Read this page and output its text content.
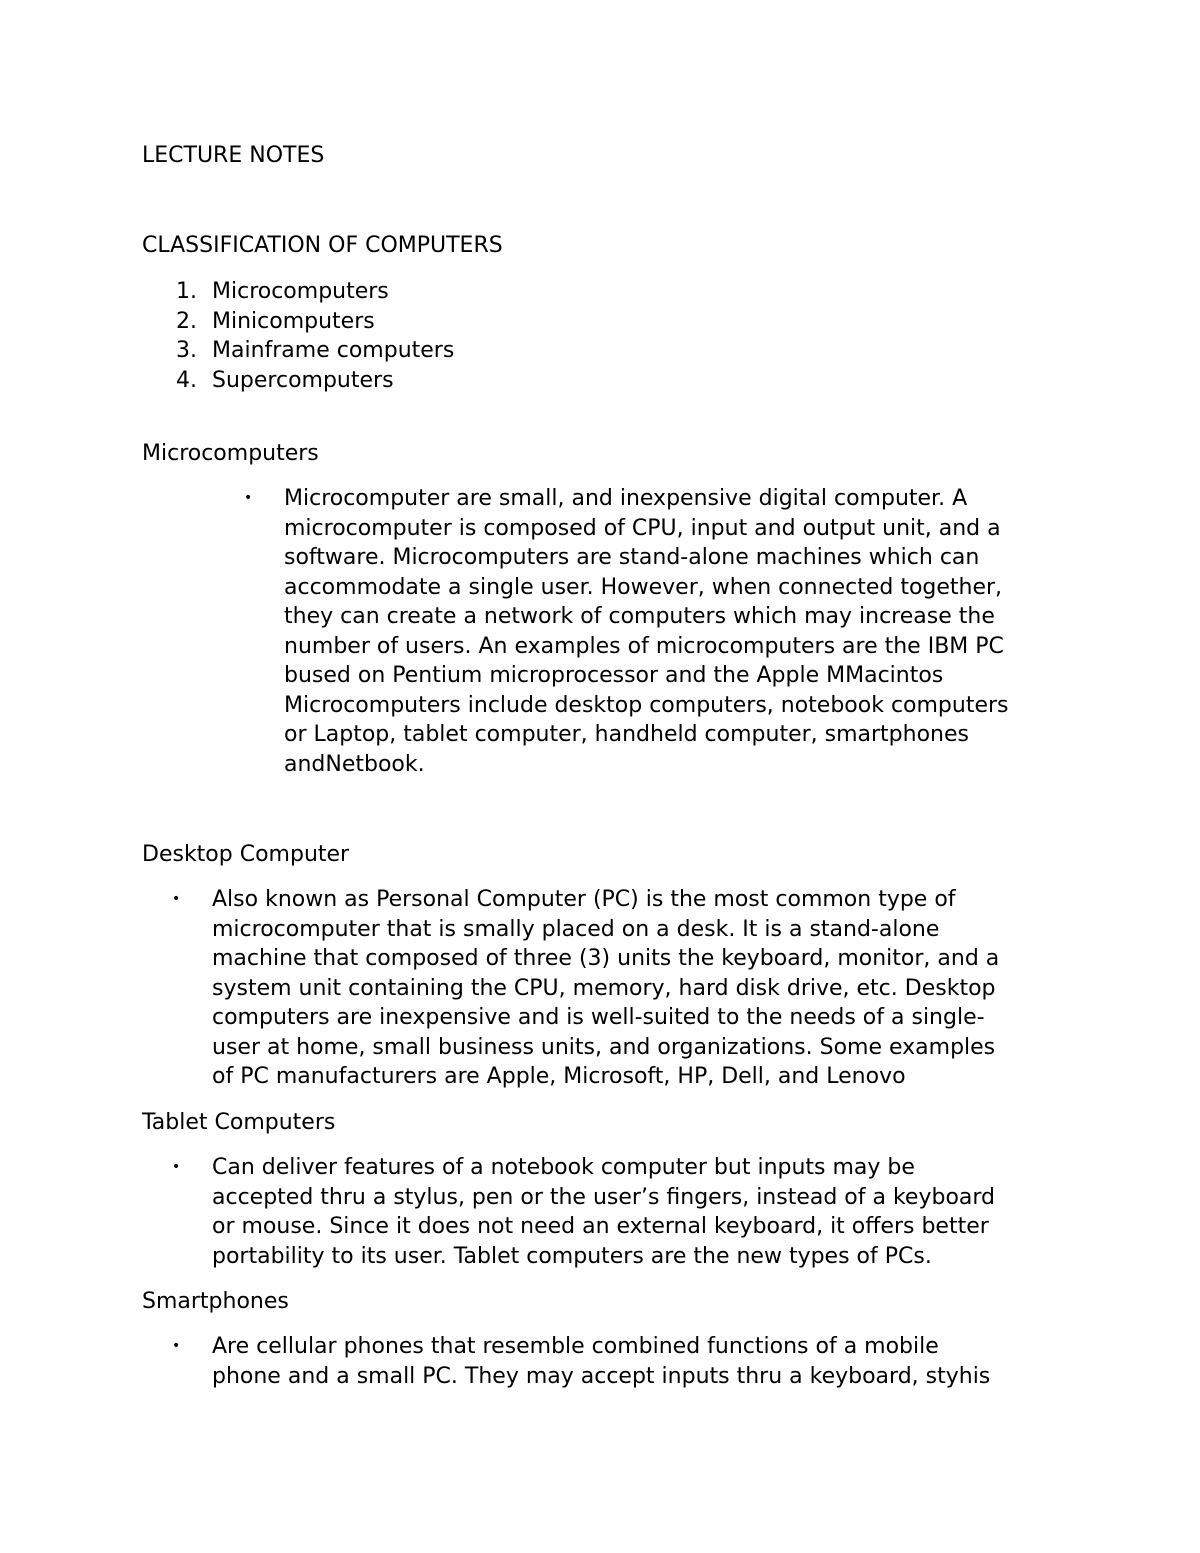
LECTURE NOTES
CLASSIFICATION OF COMPUTERS
1. Microcomputers
2. Minicomputers
3. Mainframe computers
4. Supercomputers
Microcomputers
• Microcomputer are small, and inexpensive digital computer. A
microcomputer is composed of CPU, input and output unit, and a
software. Microcomputers are stand-alone machines which can
accommodate a single user. However, when connected together,
they can create a network of computers which may increase the
number of users. An examples of microcomputers are the IBM PC
bused on Pentium microprocessor and the Apple MMacintos
Microcomputers include desktop computers, notebook computers
or Laptop, tablet computer, handheld computer, smartphones
andNetbook.
Desktop Computer
• Also known as Personal Computer (PC) is the most common type of
microcomputer that is smally placed on a desk. It is a stand-alone
machine that composed of three (3) units the keyboard, monitor, and a
system unit containing the CPU, memory, hard disk drive, etc. Desktop
computers are inexpensive and is well-suited to the needs of a single-
user at home, small business units, and organizations. Some examples
of PC manufacturers are Apple, Microsoft, HP, Dell, and Lenovo
Tablet Computers
• Can deliver features of a notebook computer but inputs may be
accepted thru a stylus, pen or the user’s fingers, instead of a keyboard
or mouse. Since it does not need an external keyboard, it offers better
portability to its user. Tablet computers are the new types of PCs.
Smartphones
• Are cellular phones that resemble combined functions of a mobile
phone and a small PC. They may accept inputs thru a keyboard, styhis
